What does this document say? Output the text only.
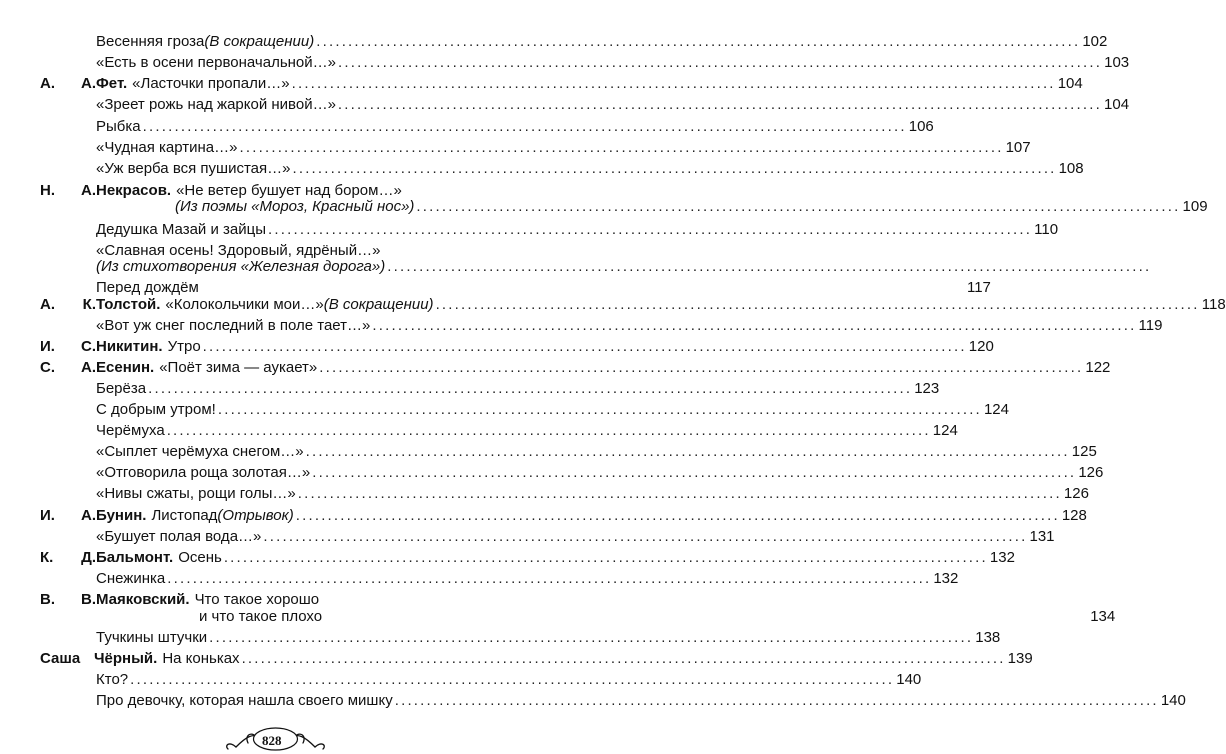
Весенняя гроза (В сокращении) ........................................................................................................................ 102
«Есть в осени первоначальной…» ........................................................................................................................ 103
А. А. Фет. «Ласточки пропали…» ........................................................................................................................ 104
«Зреет рожь над жаркой нивой…» ........................................................................................................................ 104
Рыбка ........................................................................................................................ 106
«Чудная картина…» ........................................................................................................................ 107
«Уж верба вся пушистая…» ........................................................................................................................ 108
Н. А. Некрасов. «Не ветер бушует над бором…»
(Из поэмы «Мороз, Красный нос») ........................................................................................................................ 109
Дедушка Мазай и зайцы ........................................................................................................................ 110
«Славная осень! Здоровый, ядрёный…»
(Из стихотворения «Железная дорога») ........................................................................................................................
Перед дождём	117
А. К. Толстой. «Колокольчики мои…» (В сокращении) ........................................................................................................................ 118
«Вот уж снег последний в поле тает…» ........................................................................................................................ 119
И. С. Никитин. Утро ........................................................................................................................ 120
С. А. Есенин. «Поёт зима — аукает» ........................................................................................................................ 122
Берёза ........................................................................................................................ 123
С добрым утром! ........................................................................................................................ 124
Черёмуха ........................................................................................................................ 124
«Сыплет черёмуха снегом…» ........................................................................................................................ 125
«Отговорила роща золотая…» ........................................................................................................................ 126
«Нивы сжаты, рощи голы…» ........................................................................................................................ 126
И. А. Бунин. Листопад (Отрывок) ........................................................................................................................ 128
«Бушует полая вода…» ........................................................................................................................ 131
К. Д. Бальмонт. Осень ........................................................................................................................ 132
Снежинка ........................................................................................................................ 132
В. В. Маяковский. Что такое хорошо
и что такое плохо	134
Тучкины штучки ........................................................................................................................ 138
Саша Чёрный. На коньках ........................................................................................................................ 139
Кто? ........................................................................................................................ 140
Про девочку, которая нашла своего мишку ........................................................................................................................ 140
828
